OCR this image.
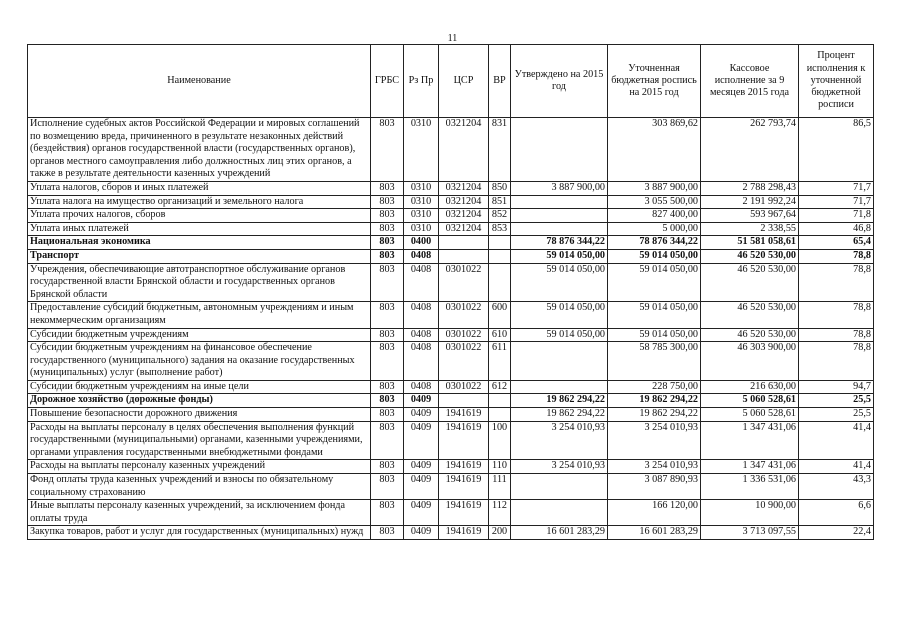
11
Наименование	ГРБС	Рз Пр	ЦСР	ВР	Утверждено на 2015 год	Уточненная бюджетная роспись на 2015 год	Кассовое исполнение за 9 месяцев 2015 года	Процент исполнения к уточненной бюджетной росписи
Исполнение судебных актов Российской Федерации и мировых соглашений по возмещению вреда, причиненного в результате незаконных действий (бездействия) органов государственной власти (государственных органов), органов местного самоуправления либо должностных лиц этих органов, а также в результате деятельности казенных учреждений	803	0310	0321204	831		303 869,62	262 793,74	86,5
Уплата налогов, сборов и иных платежей	803	0310	0321204	850	3 887 900,00	3 887 900,00	2 788 298,43	71,7
Уплата налога на имущество организаций и земельного налога	803	0310	0321204	851		3 055 500,00	2 191 992,24	71,7
Уплата прочих налогов, сборов	803	0310	0321204	852		827 400,00	593 967,64	71,8
Уплата иных платежей	803	0310	0321204	853		5 000,00	2 338,55	46,8
Национальная экономика	803	0400			78 876 344,22	78 876 344,22	51 581 058,61	65,4
Транспорт	803	0408			59 014 050,00	59 014 050,00	46 520 530,00	78,8
Учреждения, обеспечивающие автотранспортное обслуживание органов государственной власти Брянской области и государственных органов Брянской области	803	0408	0301022		59 014 050,00	59 014 050,00	46 520 530,00	78,8
Предоставление субсидий бюджетным, автономным учреждениям и иным некоммерческим организациям	803	0408	0301022	600	59 014 050,00	59 014 050,00	46 520 530,00	78,8
Субсидии бюджетным учреждениям	803	0408	0301022	610	59 014 050,00	59 014 050,00	46 520 530,00	78,8
Субсидии бюджетным учреждениям на финансовое обеспечение государственного (муниципального) задания на оказание государственных (муниципальных) услуг (выполнение работ)	803	0408	0301022	611		58 785 300,00	46 303 900,00	78,8
Субсидии бюджетным учреждениям на иные цели	803	0408	0301022	612		228 750,00	216 630,00	94,7
Дорожное хозяйство (дорожные фонды)	803	0409			19 862 294,22	19 862 294,22	5 060 528,61	25,5
Повышение безопасности дорожного движения	803	0409	1941619		19 862 294,22	19 862 294,22	5 060 528,61	25,5
Расходы на выплаты персоналу в целях обеспечения выполнения функций государственными (муниципальными) органами, казенными учреждениями, органами управления государственными внебюджетными фондами	803	0409	1941619	100	3 254 010,93	3 254 010,93	1 347 431,06	41,4
Расходы на выплаты персоналу казенных учреждений	803	0409	1941619	110	3 254 010,93	3 254 010,93	1 347 431,06	41,4
Фонд оплаты труда казенных учреждений и взносы по обязательному социальному страхованию	803	0409	1941619	111		3 087 890,93	1 336 531,06	43,3
Иные выплаты персоналу казенных учреждений, за исключением фонда оплаты труда	803	0409	1941619	112		166 120,00	10 900,00	6,6
Закупка товаров, работ и услуг для государственных (муниципальных) нужд	803	0409	1941619	200	16 601 283,29	16 601 283,29	3 713 097,55	22,4
